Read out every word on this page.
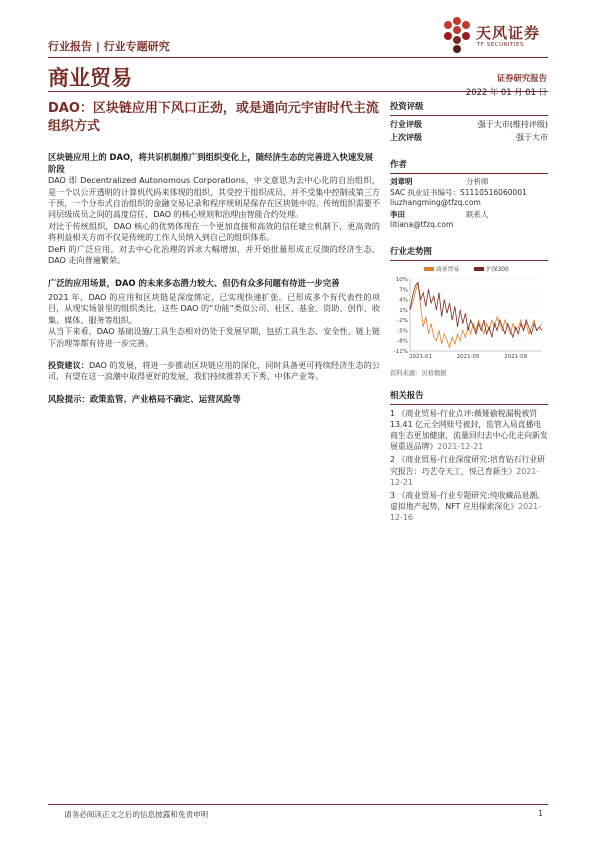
行业报告 | 行业专题研究
天风证券
TF SECURITIES
商业贸易	证券研究报告
2022 年 01 月 01 日
DAO：区块链应用下风口正劲，或是通向元宇宙时代主流组织方式

区块链应用上的 DAO，将共识机制推广到组织变化上，随经济生态的完善进入快速发展阶段

DAO 即 Decentralized Autonomous Corporations，中文意思为去中心化的自治组织，是一个以公开透明的计算机代码来体现的组织，其受控于组织成员，并不受集中控制或第三方干预，一个分布式自治组织的金融交易记录和程序规则是保存在区块链中的。传统组织需要不同层级成员之间的高度信任，DAO 的核心规则和治理由智能合约处理。

对比于传统组织，DAO 核心的优势体现在一个更加直接和高效的信任建立机制下，更高效的将利益相关方而不仅是传统的工作人员纳入到自己的组织体系。

DeFi 的广泛应用，对去中心化治理的诉求大幅增加，并开始批量形成正反馈的经济生态，DAO 走向普遍繁荣。

广泛的应用场景，DAO 的未来多态潜力较大、但仍有众多问题有待进一步完善

2021 年，DAO 的应用和区块链是深度绑定，已实现快速扩张。已形成多个有代表性的项目，从现实场景里的组织类比，这些 DAO 的“功能”类似公司、社区、基金、资助、创作、收集、媒体、服务等组织。

从当下来看，DAO 基础设施/工具生态相对仍处于发展早期，包括工具生态、安全性、链上链下治理等都有待进一步完善。

投资建议：DAO 的发展，将进一步推动区块链应用的深化，同时具备更可持续经济生态的公司，有望在这一浪潮中取得更好的发展，我们持续推荐天下秀、中体产业等。

风险提示：政策监管、产业格局不确定、运营风险等

投资评级
行业评级	强于大市(维持评级)
上次评级	强于大市
作者
刘章明	分析师
SAC 执业证书编号：S1110516060001
liuzhangming@tfzq.com
李田	联系人
litiana@tfzq.com
行业走势图
10%
7%
4%
1%
-2%
-5%
-8%
-11%
2021-01	2021-05	2021-09
商业贸易	沪深300
资料来源：贝格数据
相关报告

1 《商业贸易-行业点评:薇娅偷税漏税被罚 13.41 亿元全网账号被封，监管入局直播电商生态更加健康，流量回归去中心化走向新发展重返品牌》2021-12-21

2 《商业贸易-行业深度研究:培育钻石行业研究报告：巧艺夺天工，悦己育新生》2021-12-21

3 《商业贸易-行业专题研究:纯收藏品退潮、虚拟地产起势，NFT 应用探索深化》2021-12-16

请务必阅读正文之后的信息披露和免责申明	1
